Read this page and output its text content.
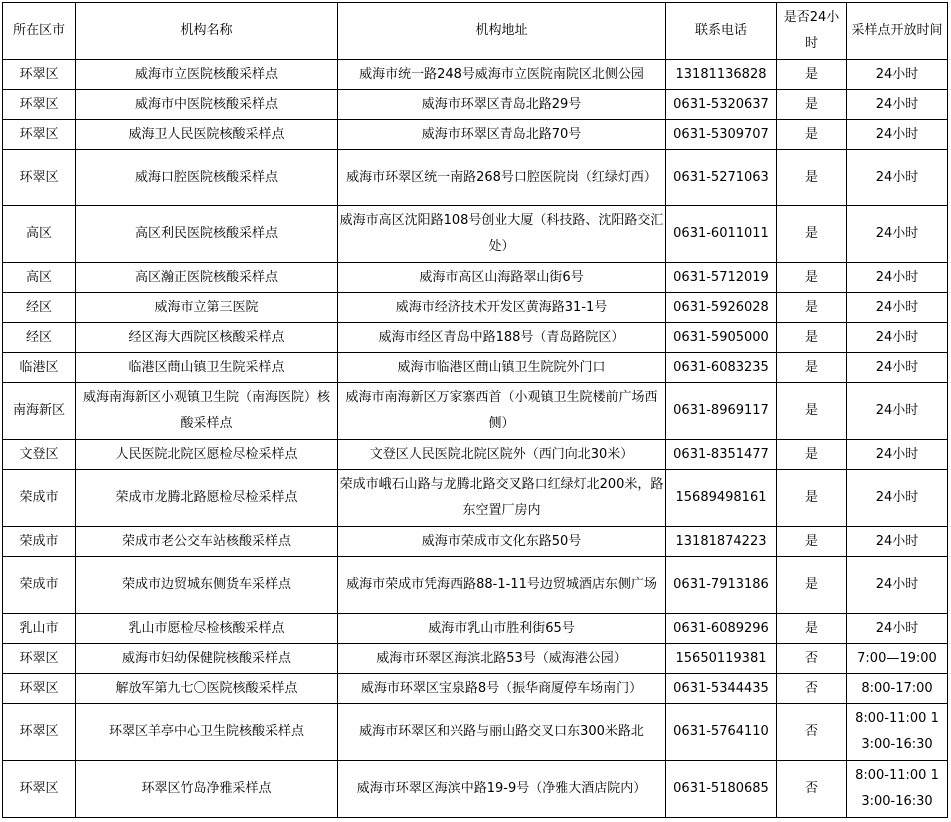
所在区市	机构名称	机构地址	联系电话	是否24小时	采样点开放时间
环翠区	威海市立医院核酸采样点	威海市统一路248号威海市立医院南院区北侧公园	13181136828	是	24小时
环翠区	威海市中医院核酸采样点	威海市环翠区青岛北路29号	0631-5320637	是	24小时
环翠区	威海卫人民医院核酸采样点	威海市环翠区青岛北路70号	0631-5309707	是	24小时
环翠区	威海口腔医院核酸采样点	威海市环翠区统一南路268号口腔医院岗（红绿灯西）	0631-5271063	是	24小时
高区	高区利民医院核酸采样点	威海市高区沈阳路108号创业大厦（科技路、沈阳路交汇处）	0631-6011011	是	24小时
高区	高区瀚正医院核酸采样点	威海市高区山海路翠山街6号	0631-5712019	是	24小时
经区	威海市立第三医院	威海市经济技术开发区黄海路31-1号	0631-5926028	是	24小时
经区	经区海大西院区核酸采样点	威海市经区青岛中路188号（青岛路院区）	0631-5905000	是	24小时
临港区	临港区蔄山镇卫生院采样点	威海市临港区蔄山镇卫生院院外门口	0631-6083235	是	24小时
南海新区	威海南海新区小观镇卫生院（南海医院）核酸采样点	威海市南海新区万家寨西首（小观镇卫生院楼前广场西侧）	0631-8969117	是	24小时
文登区	人民医院北院区愿检尽检采样点	文登区人民医院北院区院外（西门向北30米）	0631-8351477	是	24小时
荣成市	荣成市龙腾北路愿检尽检采样点	荣成市峨石山路与龙腾北路交叉路口红绿灯北200米，路东空置厂房内	15689498161	是	24小时
荣成市	荣成市老公交车站核酸采样点	威海市荣成市文化东路50号	13181874223	是	24小时
荣成市	荣成市边贸城东侧货车采样点	威海市荣成市凭海西路88-1-11号边贸城酒店东侧广场	0631-7913186	是	24小时
乳山市	乳山市愿检尽检核酸采样点	威海市乳山市胜利街65号	0631-6089296	是	24小时
环翠区	威海市妇幼保健院核酸采样点	威海市环翠区海滨北路53号（威海港公园）	15650119381	否	7:00—19:00
环翠区	解放军第九七〇医院核酸采样点	威海市环翠区宝泉路8号（振华商厦停车场南门）	0631-5344435	否	8:00-17:00
环翠区	环翠区羊亭中心卫生院核酸采样点	威海市环翠区和兴路与丽山路交叉口东300米路北	0631-5764110	否	8:00-11:00 13:00-16:30
环翠区	环翠区竹岛净雅采样点	威海市环翠区海滨中路19-9号（净雅大酒店院内）	0631-5180685	否	8:00-11:00 13:00-16:30
